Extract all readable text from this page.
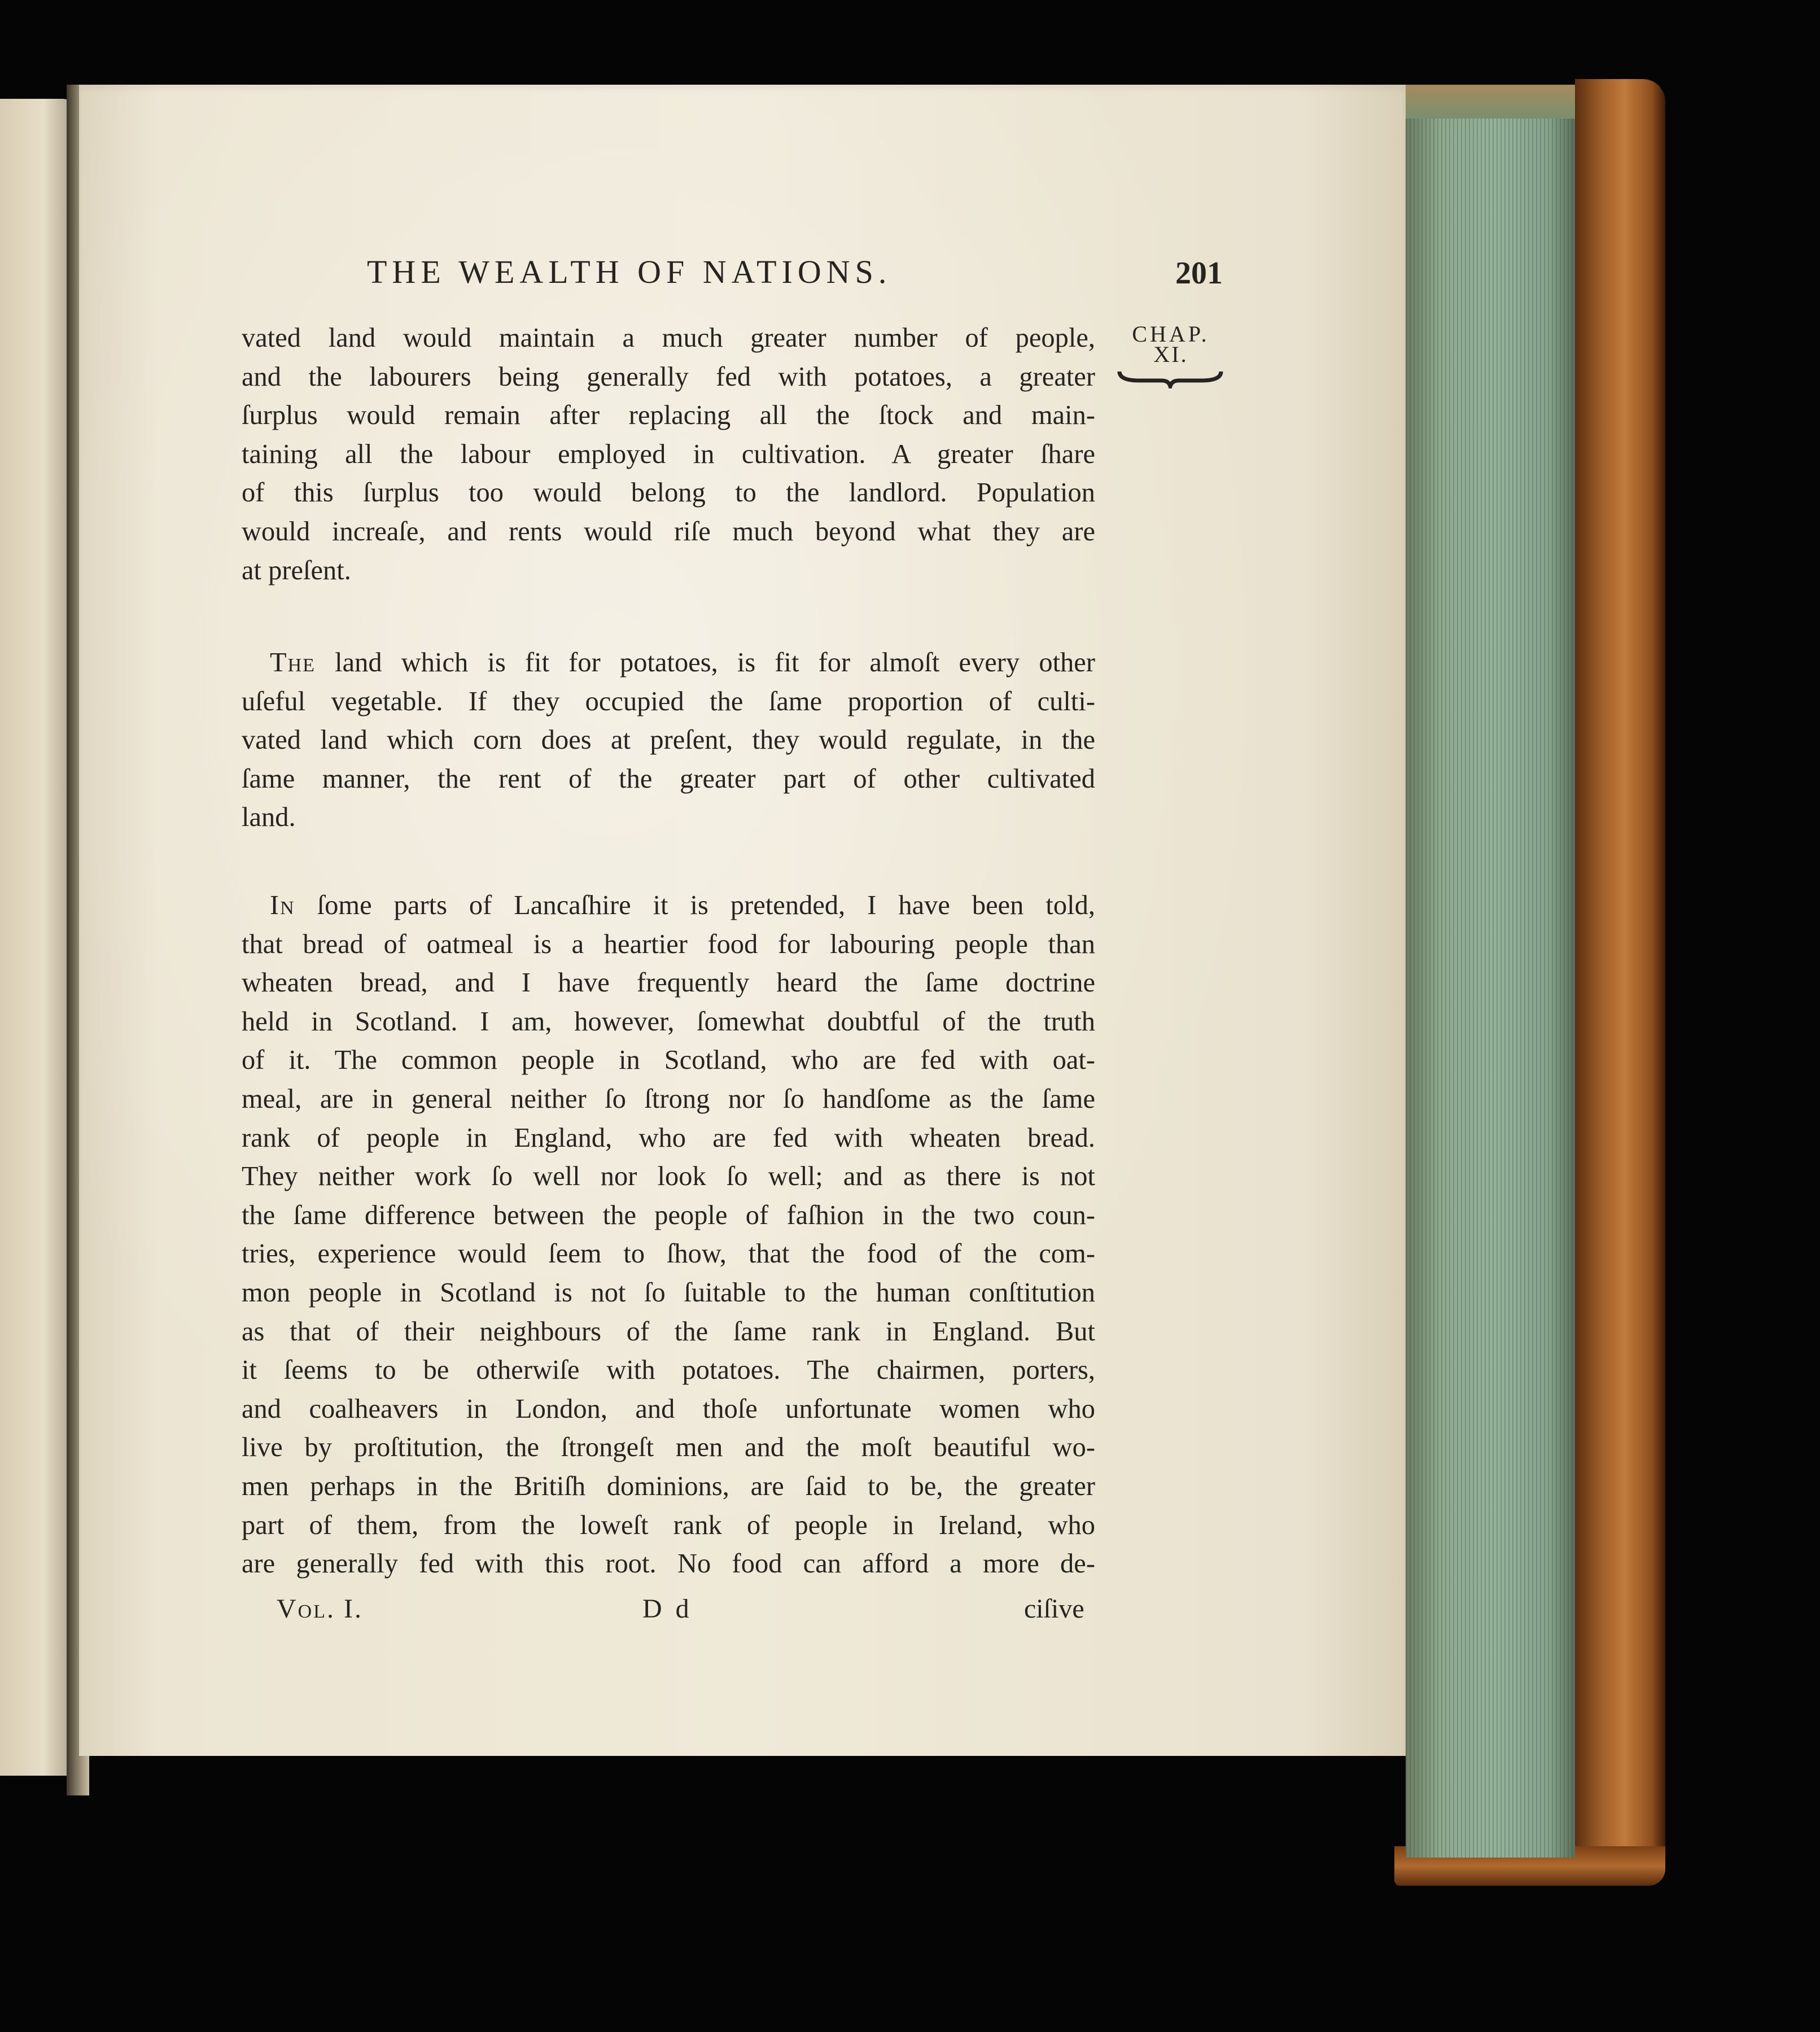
THE WEALTH OF NATIONS.	201
CHAP.
XI.
vated land would maintain a much greater number of people,
and the labourers being generally fed with potatoes, a greater
ſurplus would remain after replacing all the ſtock and main-
taining all the labour employed in cultivation. A greater ſhare
of this ſurplus too would belong to the landlord. Population
would increaſe, and rents would riſe much beyond what they are
at preſent.
The land which is fit for potatoes, is fit for almoſt every other
uſeful vegetable. If they occupied the ſame proportion of culti-
vated land which corn does at preſent, they would regulate, in the
ſame manner, the rent of the greater part of other cultivated
land.
In ſome parts of Lancaſhire it is pretended, I have been told,
that bread of oatmeal is a heartier food for labouring people than
wheaten bread, and I have frequently heard the ſame doctrine
held in Scotland. I am, however, ſomewhat doubtful of the truth
of it. The common people in Scotland, who are fed with oat-
meal, are in general neither ſo ſtrong nor ſo handſome as the ſame
rank of people in England, who are fed with wheaten bread.
They neither work ſo well nor look ſo well; and as there is not
the ſame difference between the people of faſhion in the two coun-
tries, experience would ſeem to ſhow, that the food of the com-
mon people in Scotland is not ſo ſuitable to the human conſtitution
as that of their neighbours of the ſame rank in England. But
it ſeems to be otherwiſe with potatoes. The chairmen, porters,
and coalheavers in London, and thoſe unfortunate women who
live by proſtitution, the ſtrongeſt men and the moſt beautiful wo-
men perhaps in the Britiſh dominions, are ſaid to be, the greater
part of them, from the loweſt rank of people in Ireland, who
are generally fed with this root. No food can afford a more de-
Vol. I.	D d	ciſive
